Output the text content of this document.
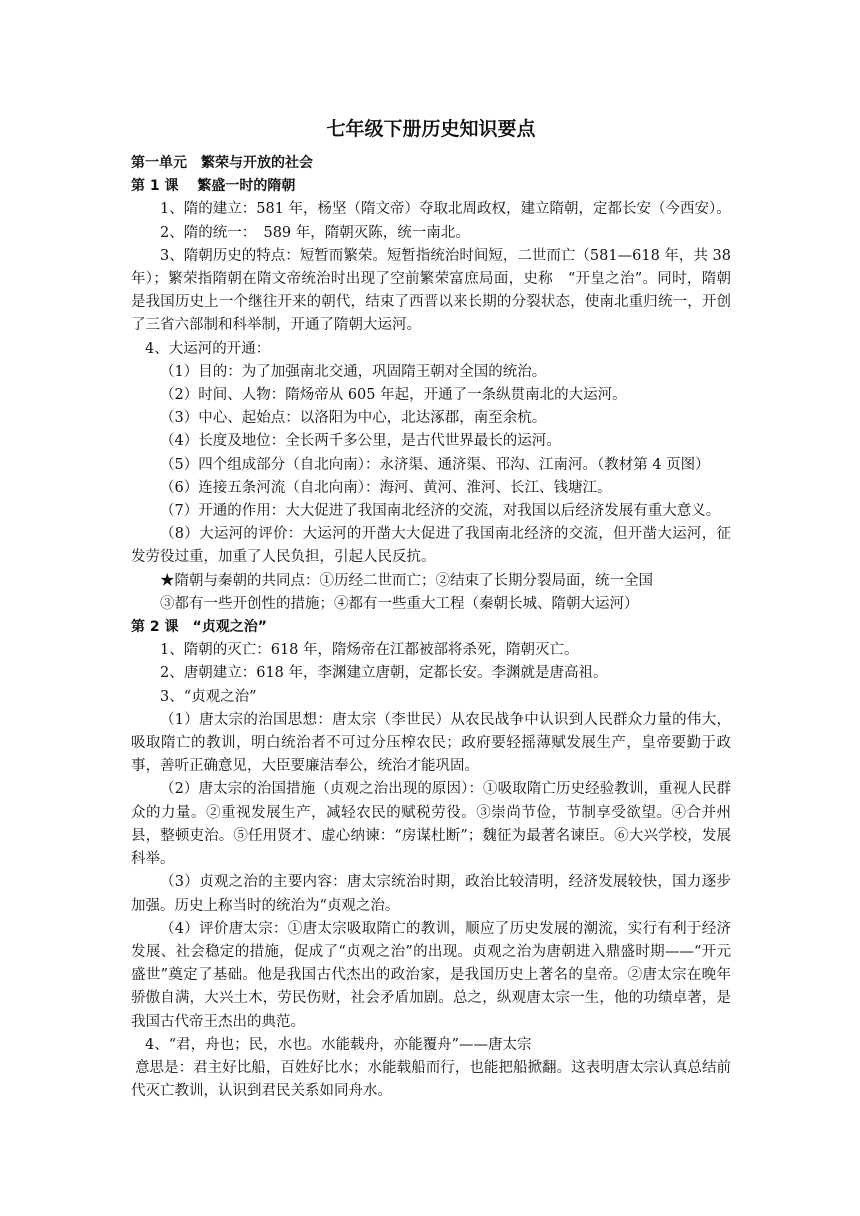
七年级下册历史知识要点
第一单元　繁荣与开放的社会
第 1 课　 繁盛一时的隋朝

1、隋的建立：581 年，杨坚（隋文帝）夺取北周政权，建立隋朝，定都长安（今西安）。

2、隋的统一：　589 年，隋朝灭陈，统一南北。

3、隋朝历史的特点：短暂而繁荣。短暂指统治时间短，二世而亡（581—618 年，共 38 年）；繁荣指隋朝在隋文帝统治时出现了空前繁荣富庶局面，史称　“开皇之治”。同时，隋朝是我国历史上一个继往开来的朝代，结束了西晋以来长期的分裂状态，使南北重归统一，开创了三省六部制和科举制，开通了隋朝大运河。

4、大运河的开通：

（1）目的：为了加强南北交通，巩固隋王朝对全国的统治。

（2）时间、人物：隋炀帝从 605 年起，开通了一条纵贯南北的大运河。

（3）中心、起始点：以洛阳为中心，北达涿郡，南至余杭。

（4）长度及地位：全长两千多公里，是古代世界最长的运河。

（5）四个组成部分（自北向南）：永济渠、通济渠、邗沟、江南河。（教材第 4 页图）

（6）连接五条河流（自北向南）：海河、黄河、淮河、长江、钱塘江。

（7）开通的作用：大大促进了我国南北经济的交流，对我国以后经济发展有重大意义。

（8）大运河的评价：大运河的开凿大大促进了我国南北经济的交流，但开凿大运河，征发劳役过重，加重了人民负担，引起人民反抗。

★隋朝与秦朝的共同点：①历经二世而亡；②结束了长期分裂局面，统一全国

③都有一些开创性的措施；④都有一些重大工程（秦朝长城、隋朝大运河）

第 2 课　“贞观之治”

1、隋朝的灭亡：618 年，隋炀帝在江都被部将杀死，隋朝灭亡。

2、唐朝建立：618 年，李渊建立唐朝，定都长安。李渊就是唐高祖。

3、“贞观之治”

（1）唐太宗的治国思想：唐太宗（李世民）从农民战争中认识到人民群众力量的伟大，吸取隋亡的教训，明白统治者不可过分压榨农民；政府要轻摇薄赋发展生产，皇帝要勤于政事，善听正确意见，大臣要廉洁奉公，统治才能巩固。

（2）唐太宗的治国措施（贞观之治出现的原因）：①吸取隋亡历史经验教训，重视人民群众的力量。②重视发展生产，减轻农民的赋税劳役。③崇尚节俭，节制享受欲望。④合并州县，整顿吏治。⑤任用贤才、虚心纳谏：“房谋杜断”；魏征为最著名谏臣。⑥大兴学校，发展科举。

（3）贞观之治的主要内容：唐太宗统治时期，政治比较清明，经济发展较快，国力逐步加强。历史上称当时的统治为“贞观之治。

（4）评价唐太宗：①唐太宗吸取隋亡的教训，顺应了历史发展的潮流，实行有利于经济发展、社会稳定的措施，促成了“贞观之治”的出现。贞观之治为唐朝进入鼎盛时期——“开元盛世”奠定了基础。他是我国古代杰出的政治家，是我国历史上著名的皇帝。②唐太宗在晚年骄傲自满，大兴土木，劳民伤财，社会矛盾加剧。总之，纵观唐太宗一生，他的功绩卓著，是我国古代帝王杰出的典范。

4、“君，舟也；民，水也。水能载舟，亦能覆舟”——唐太宗

意思是：君主好比船，百姓好比水；水能载船而行，也能把船掀翻。这表明唐太宗认真总结前代灭亡教训，认识到君民关系如同舟水。
